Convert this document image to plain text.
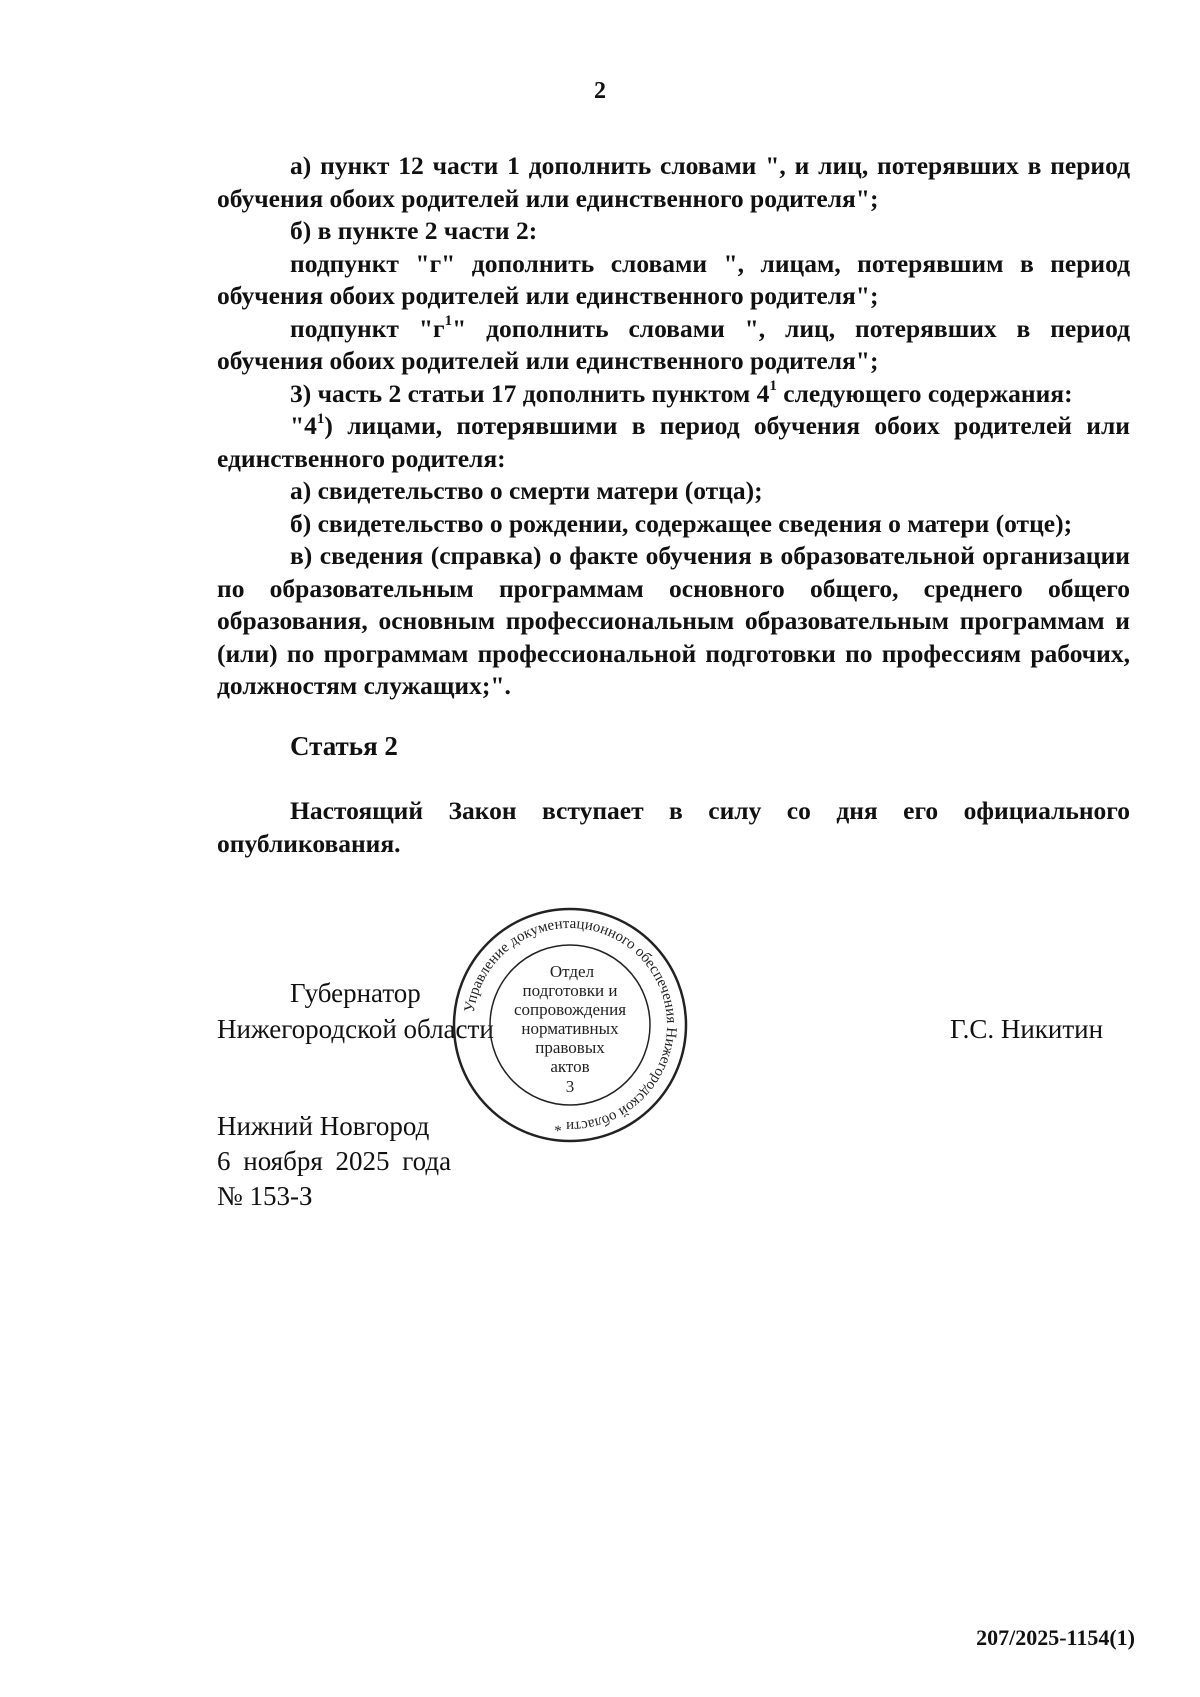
2

а) пункт 12 части 1 дополнить словами ", и лиц, потерявших в период обучения обоих родителей или единственного родителя";

б) в пункте 2 части 2:

подпункт "г" дополнить словами ", лицам, потерявшим в период обучения обоих родителей или единственного родителя";

подпункт "$г^1$" дополнить словами ", лиц, потерявших в период обучения обоих родителей или единственного родителя";

3) часть 2 статьи 17 дополнить пунктом $4^1$ следующего содержания:

"$4^1$) лицами, потерявшими в период обучения обоих родителей или единственного родителя:

а) свидетельство о смерти матери (отца);

б) свидетельство о рождении, содержащее сведения о матери (отце);

в) сведения (справка) о факте обучения в образовательной организации по образовательным программам основного общего, среднего общего образования, основным профессиональным образовательным программам и (или) по программам профессиональной подготовки по профессиям рабочих, должностям служащих;".

Статья 2
Настоящий Закон вступает в силу со дня его официального опубликования.
Губернатор
Нижегородской области	Г.С. Никитин
Нижний Новгород
6 ноября 2025 года
№ 153-З
Управление документационного обеспечения Нижегородской области *
Отдел
подготовки и
сопровождения
нормативных
правовых
актов
3
207/2025-1154(1)
